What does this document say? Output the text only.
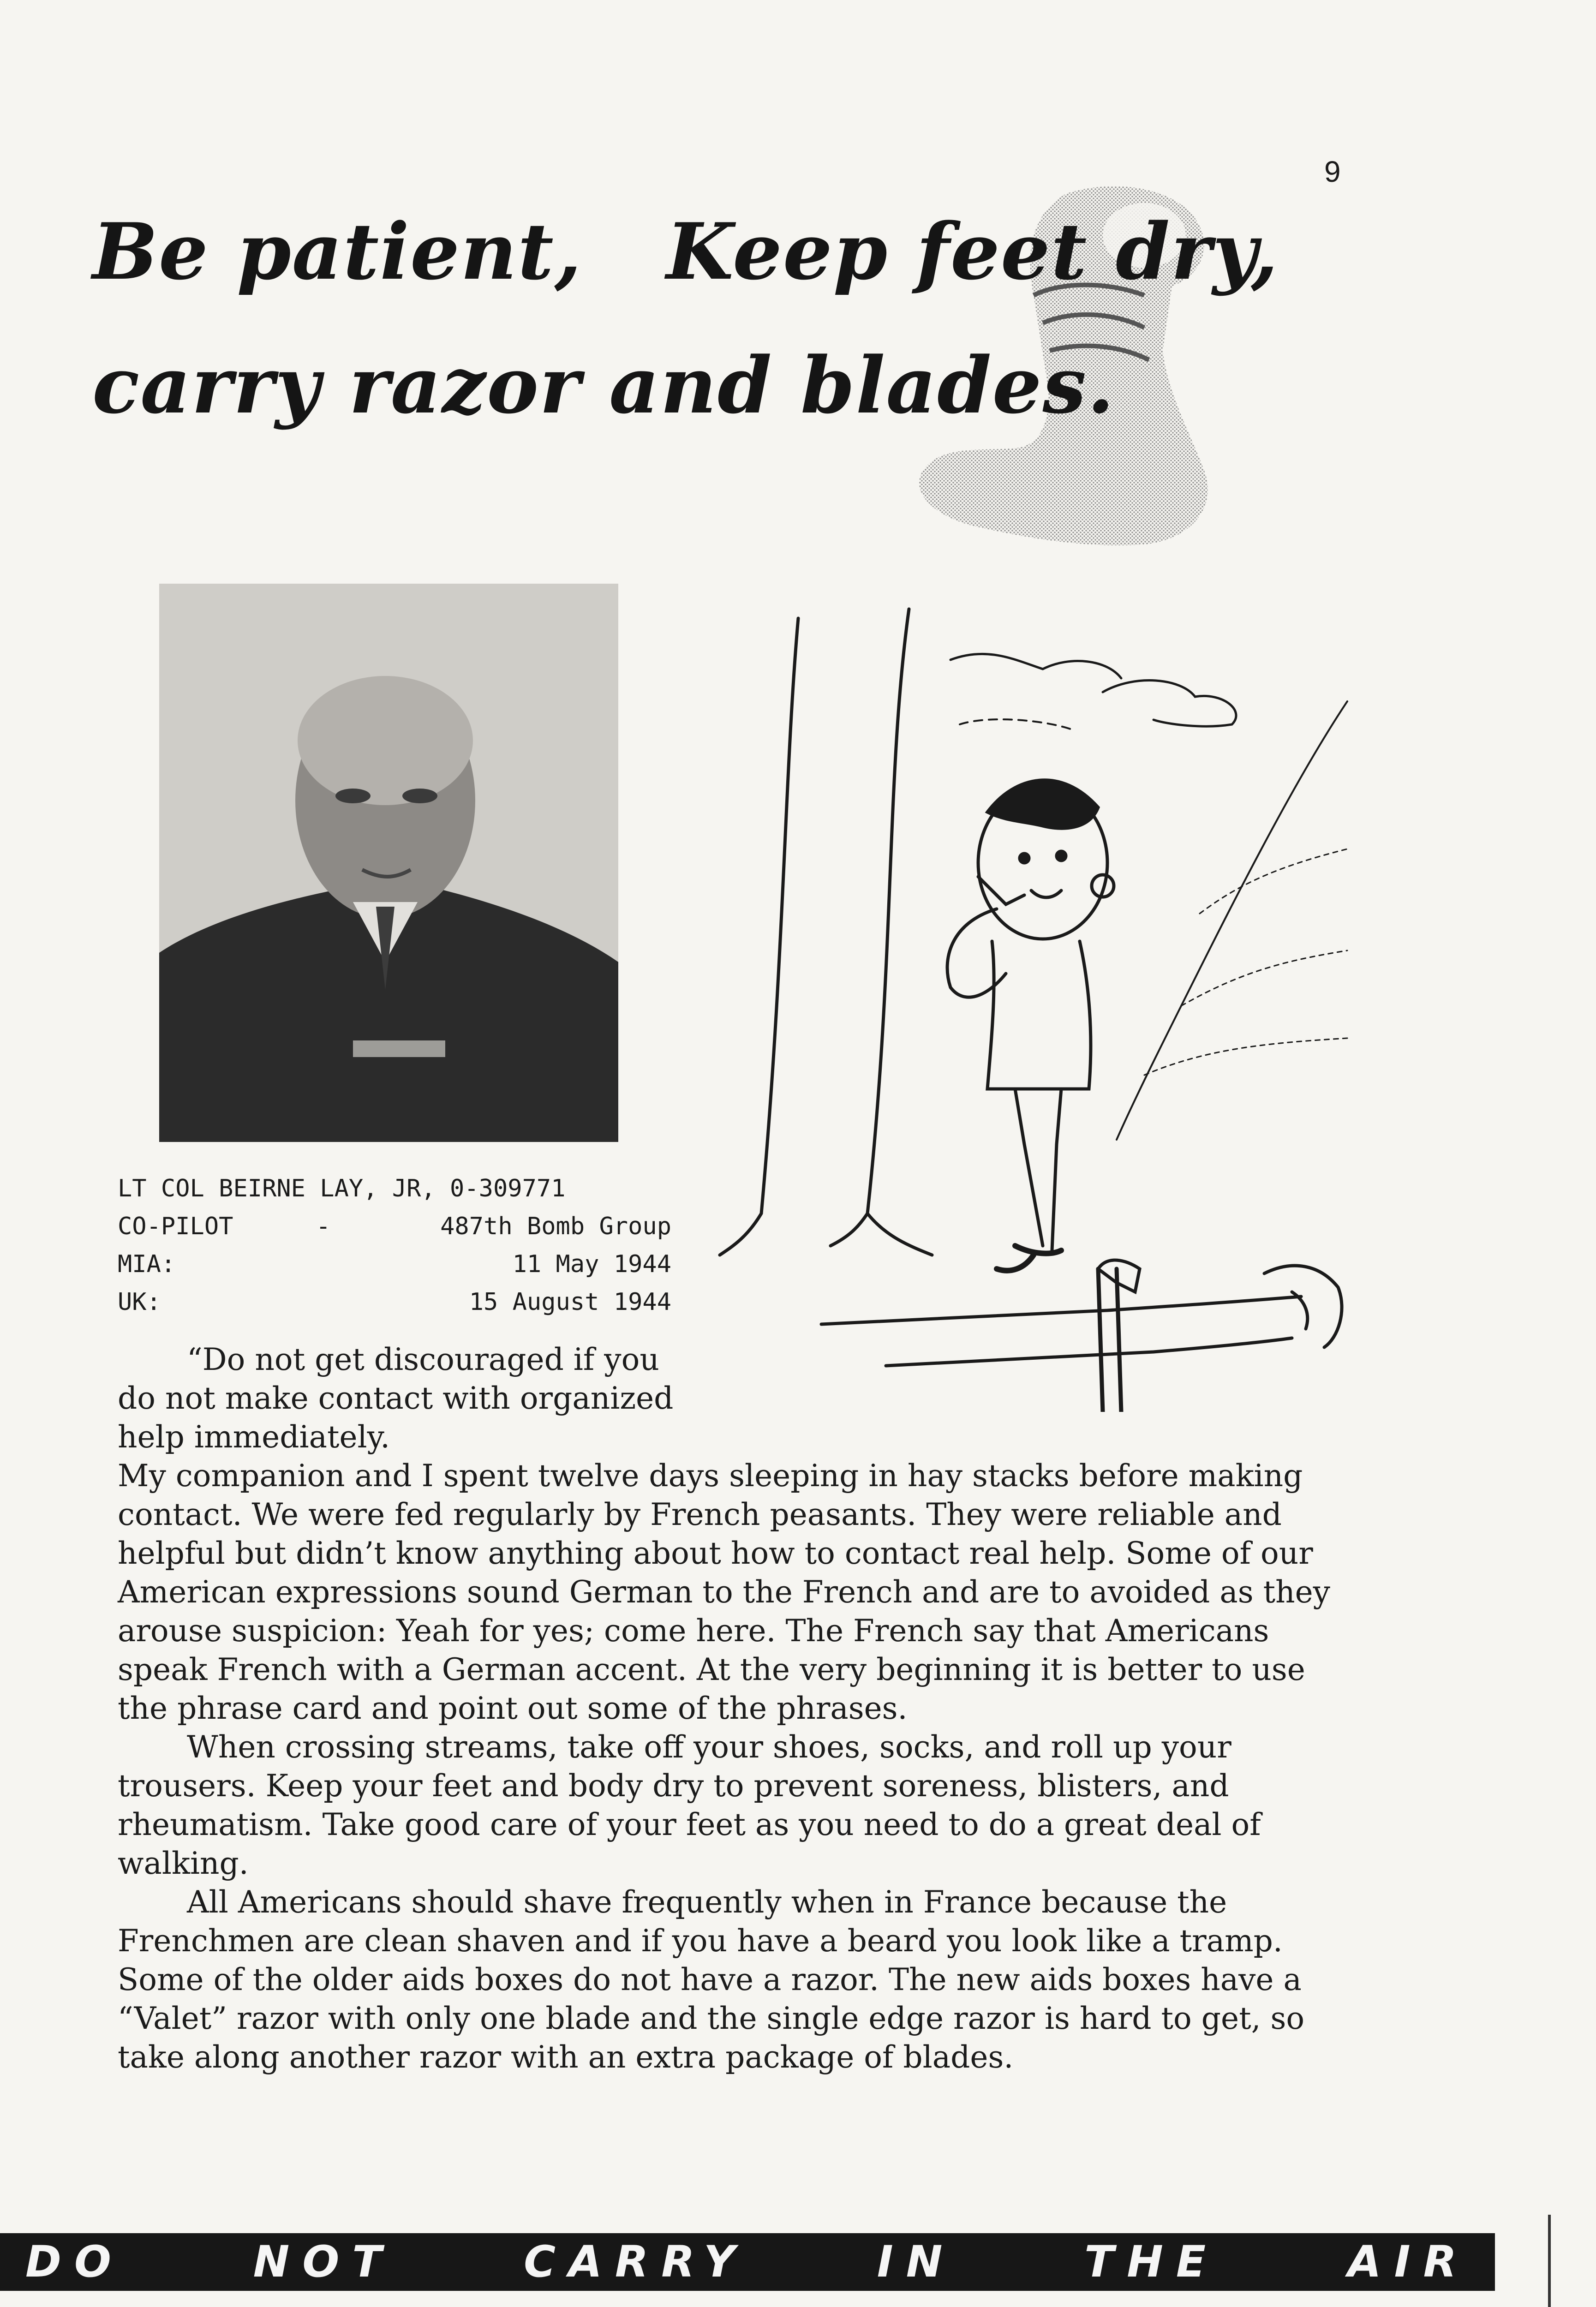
9
Be patient,   Keep feet dry,
carry razor and blades.
LT COL BEIRNE LAY, JR, 0-309771
CO-PILOT	-	487th Bomb Group
MIA:	11 May 1944
UK:	15 August 1944

“Do not get discouraged if you do not make contact with organized help immediately.

My companion and I spent twelve days sleeping in hay stacks before making contact. We were fed regularly by French peasants. They were reliable and helpful but didn’t know anything about how to contact real help. Some of our American expressions sound German to the French and are to avoided as they arouse suspicion: Yeah for yes; come here. The French say that Americans speak French with a German accent. At the very beginning it is better to use the phrase card and point out some of the phrases.

When crossing streams, take off your shoes, socks, and roll up your trousers. Keep your feet and body dry to prevent soreness, blisters, and rheumatism. Take good care of your feet as you need to do a great deal of walking.

All Americans should shave frequently when in France because the Frenchmen are clean shaven and if you have a beard you look like a tramp. Some of the older aids boxes do not have a razor. The new aids boxes have a “Valet” razor with only one blade and the single edge razor is hard to get, so take along another razor with an extra package of blades.

DO	NOT	CARRY	IN	THE	AIR
